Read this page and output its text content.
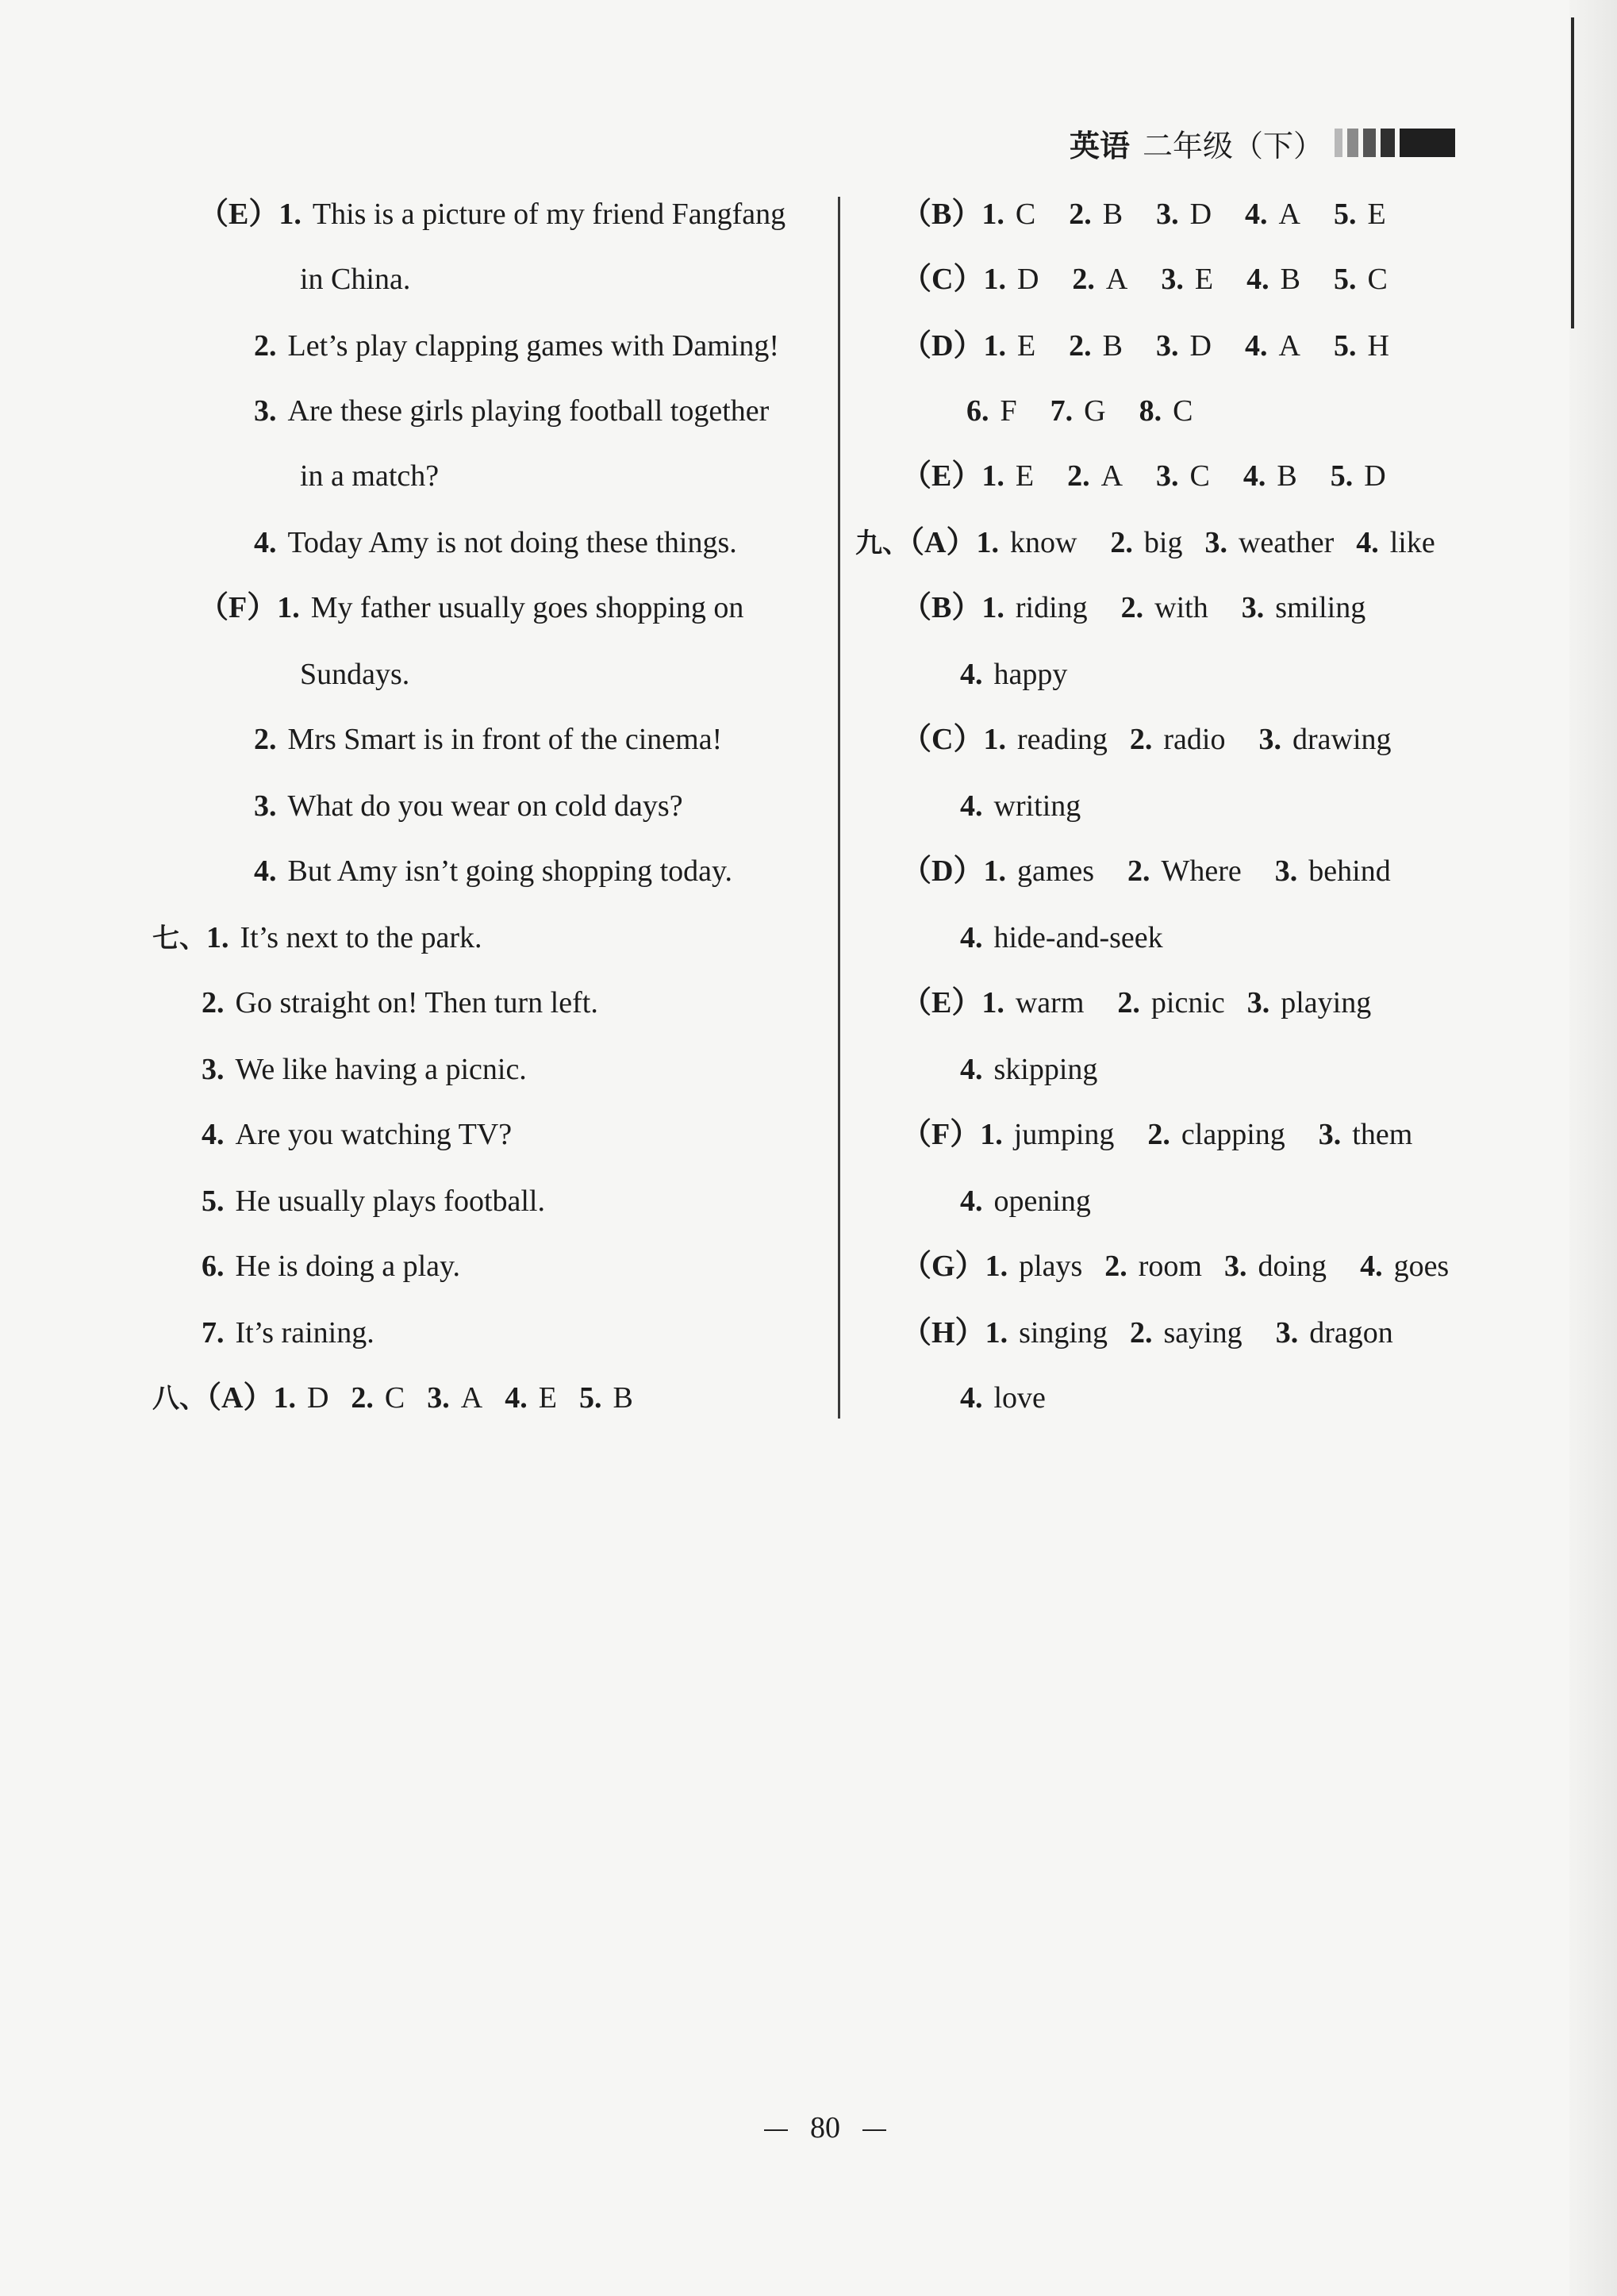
英语 二年级（下）
（E）1. This is a picture of my friend Fangfang
in China.
2. Let’s play clapping games with Daming!
3. Are these girls playing football together
in a match?
4. Today Amy is not doing these things.
（F）1. My father usually goes shopping on
Sundays.
2. Mrs Smart is in front of the cinema!
3. What do you wear on cold days?
4. But Amy isn’t going shopping today.
七、1. It’s next to the park.
2. Go straight on! Then turn left.
3. We like having a picnic.
4. Are you watching TV?
5. He usually plays football.
6. He is doing a play.
7. It’s raining.
八、（A）1. D 2. C 3. A 4. E 5. B
（B）1. C 2. B 3. D 4. A 5. E
（C）1. D 2. A 3. E 4. B 5. C
（D）1. E 2. B 3. D 4. A 5. H
6. F 7. G 8. C
（E）1. E 2. A 3. C 4. B 5. D
九、（A）1. know 2. big 3. weather 4. like
（B）1. riding 2. with 3. smiling
4. happy
（C）1. reading 2. radio 3. drawing
4. writing
（D）1. games 2. Where 3. behind
4. hide-and-seek
（E）1. warm 2. picnic 3. playing
4. skipping
（F）1. jumping 2. clapping 3. them
4. opening
（G）1. plays 2. room 3. doing 4. goes
（H）1. singing 2. saying 3. dragon
4. love
80
